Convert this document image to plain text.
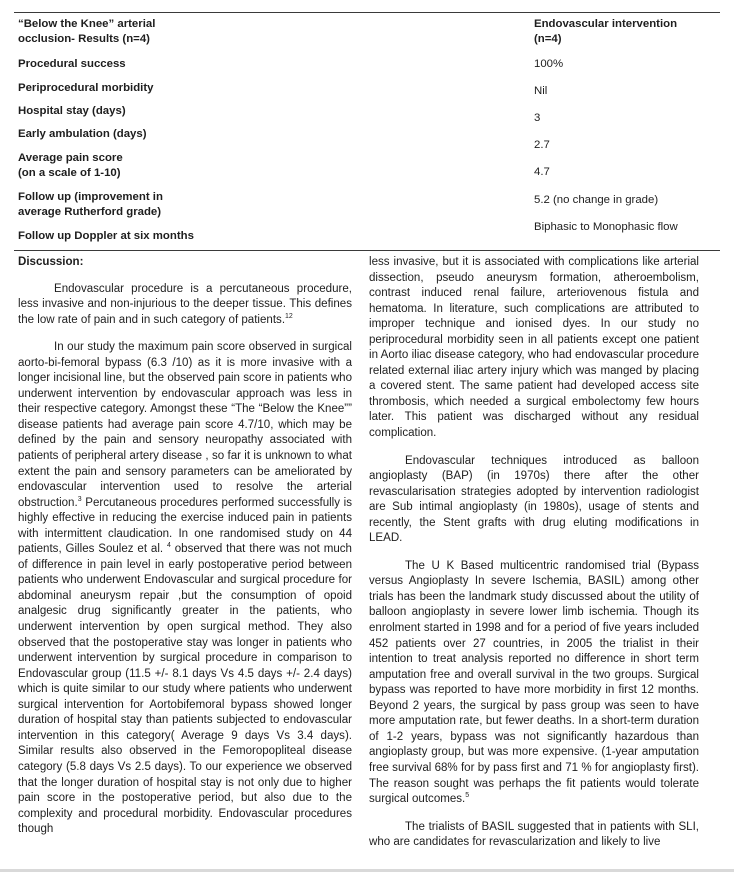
“Below the Knee” arterial
occlusion- Results (n=4)
Procedural success
Periprocedural morbidity
Hospital stay (days)
Early ambulation (days)
Average pain score
(on a scale of 1-10)
Follow up (improvement in
average Rutherford grade)
Follow up Doppler at six months
Endovascular intervention
(n=4)
100%
Nil
3
2.7
4.7
5.2 (no change in grade)
Biphasic to Monophasic flow
Discussion:

Endovascular procedure is a percutaneous procedure, less invasive and non-injurious to the deeper tissue. This defines the low rate of pain and in such category of patients.$^{12}$

In our study the maximum pain score observed in surgical aorto-bi-femoral bypass (6.3 /10) as it is more invasive with a longer incisional line, but the observed pain score in patients who underwent intervention by endovascular approach was less in their respective category. Amongst these “The “Below the Knee”” disease patients had average pain score 4.7/10, which may be defined by the pain and sensory neuropathy associated with patients of peripheral artery disease , so far it is unknown to what extent the pain and sensory parameters can be ameliorated by endovascular intervention used to resolve the arterial obstruction.$^3$ Percutaneous procedures performed successfully is highly effective in reducing the exercise induced pain in patients with intermittent claudication. In one randomised study on 44 patients, Gilles Soulez et al. $^4$ observed that there was not much of difference in pain level in early postoperative period between patients who underwent Endovascular and surgical procedure for abdominal aneurysm repair ,but the consumption of opoid analgesic drug significantly greater in the patients, who underwent intervention by open surgical method. They also observed that the postoperative stay was longer in patients who underwent intervention by surgical procedure in comparison to Endovascular group (11.5 +/- 8.1 days Vs 4.5 days +/- 2.4 days) which is quite similar to our study where patients who underwent surgical intervention for Aortobifemoral bypass showed longer duration of hospital stay than patients subjected to endovascular intervention in this category( Average 9 days Vs 3.4 days). Similar results also observed in the Femoropopliteal disease category (5.8 days Vs 2.5 days). To our experience we observed that the longer duration of hospital stay is not only due to higher pain score in the postoperative period, but also due to the complexity and procedural morbidity. Endovascular procedures though

less invasive, but it is associated with complications like arterial dissection, pseudo aneurysm formation, atheroembolism, contrast induced renal failure, arteriovenous fistula and hematoma. In literature, such complications are attributed to improper technique and ionised dyes. In our study no periprocedural morbidity seen in all patients except one patient in Aorto iliac disease category, who had endovascular procedure related external iliac artery injury which was manged by placing a covered stent. The same patient had developed access site thrombosis, which needed a surgical embolectomy few hours later. This patient was discharged without any residual complication.

Endovascular techniques introduced as balloon angioplasty (BAP) (in 1970s) there after the other revascularisation strategies adopted by intervention radiologist are Sub intimal angioplasty (in 1980s), usage of stents and recently, the Stent grafts with drug eluting modifications in LEAD.

The U K Based multicentric randomised trial (Bypass versus Angioplasty In severe Ischemia, BASIL) among other trials has been the landmark study discussed about the utility of balloon angioplasty in severe lower limb ischemia. Though its enrolment started in 1998 and for a period of five years included 452 patients over 27 countries, in 2005 the trialist in their intention to treat analysis reported no difference in short term amputation free and overall survival in the two groups. Surgical bypass was reported to have more morbidity in first 12 months. Beyond 2 years, the surgical by pass group was seen to have more amputation rate, but fewer deaths. In a short-term duration of 1-2 years, bypass was not significantly hazardous than angioplasty group, but was more expensive. (1-year amputation free survival 68% for by pass first and 71 % for angioplasty first). The reason sought was perhaps the fit patients would tolerate surgical outcomes.$^5$

The trialists of BASIL suggested that in patients with SLI, who are candidates for revascularization and likely to live
